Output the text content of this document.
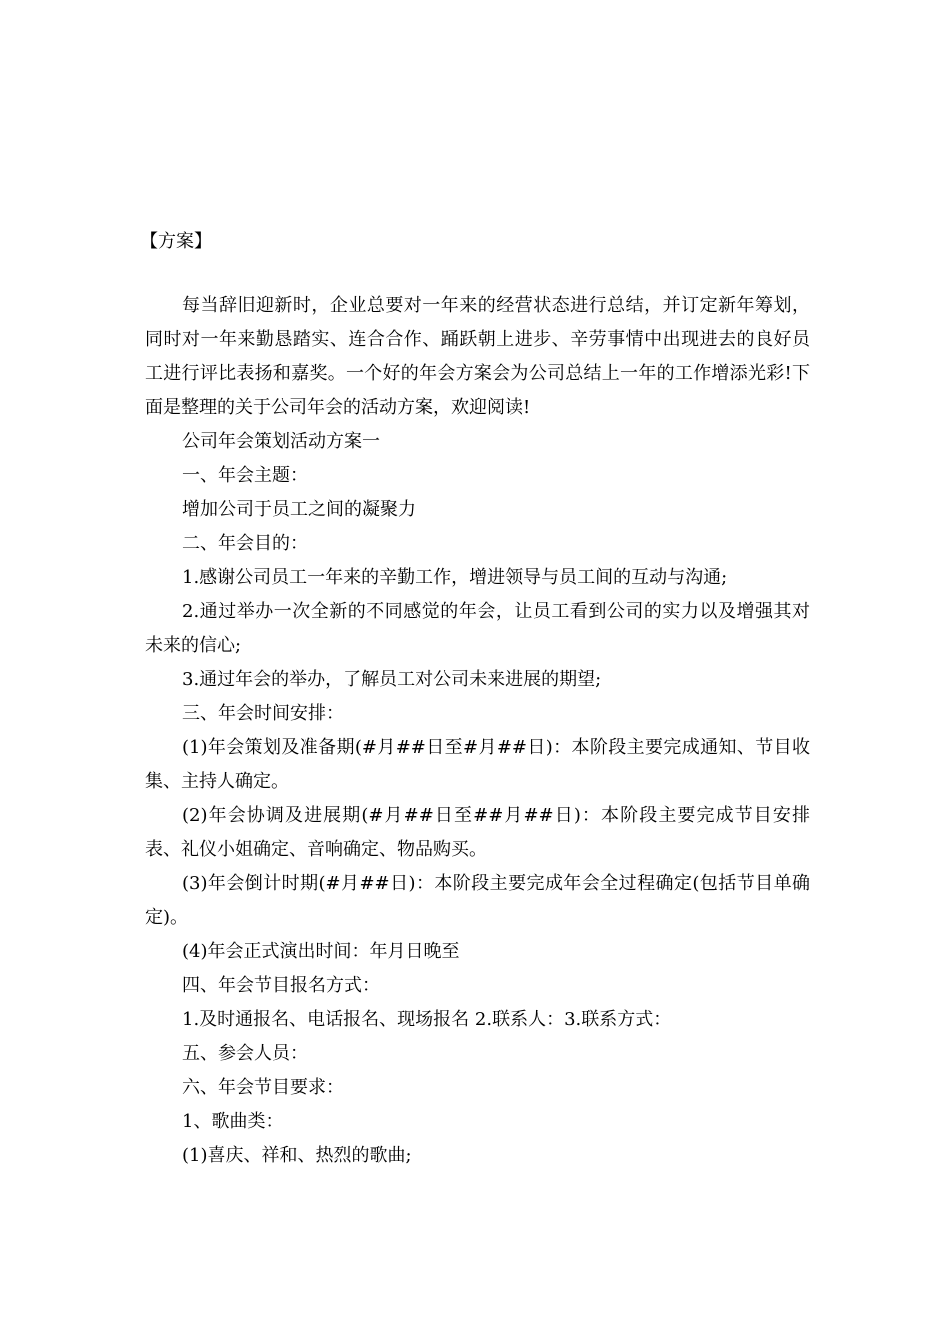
【方案】

每当辞旧迎新时，企业总要对一年来的经营状态进行总结，并订定新年筹划，同时对一年来勤恳踏实、连合合作、踊跃朝上进步、辛劳事情中出现进去的良好员工进行评比表扬和嘉奖。一个好的年会方案会为公司总结上一年的工作增添光彩!下面是整理的关于公司年会的活动方案，欢迎阅读!

公司年会策划活动方案一

一、年会主题：

增加公司于员工之间的凝聚力

二、年会目的：

1.感谢公司员工一年来的辛勤工作，增进领导与员工间的互动与沟通;

2.通过举办一次全新的不同感觉的年会，让员工看到公司的实力以及增强其对未来的信心;

3.通过年会的举办，了解员工对公司未来进展的期望;

三、年会时间安排：

(1)年会策划及准备期(#月##日至#月##日)：本阶段主要完成通知、节目收集、主持人确定。

(2)年会协调及进展期(#月##日至##月##日)：本阶段主要完成节目安排表、礼仪小姐确定、音响确定、物品购买。

(3)年会倒计时期(#月##日)：本阶段主要完成年会全过程确定(包括节目单确定)。

(4)年会正式演出时间：年月日晚至

四、年会节目报名方式：

1.及时通报名、电话报名、现场报名 2.联系人：3.联系方式：

五、参会人员：

六、年会节目要求：

1、歌曲类：

(1)喜庆、祥和、热烈的歌曲;
